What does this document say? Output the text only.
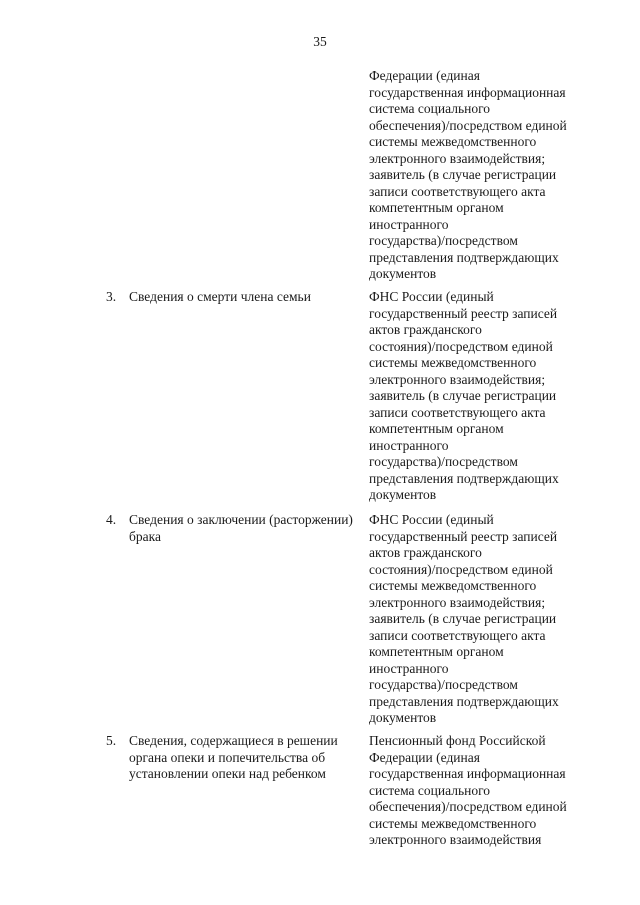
35
Федерации (единая
государственная информационная
система социального
обеспечения)/посредством единой
системы межведомственного
электронного взаимодействия;
заявитель (в случае регистрации
записи соответствующего акта
компетентным органом
иностранного
государства)/посредством
представления подтверждающих
документов
3. Сведения о смерти члена семьи	ФНС России (единый
государственный реестр записей
актов гражданского
состояния)/посредством единой
системы межведомственного
электронного взаимодействия;
заявитель (в случае регистрации
записи соответствующего акта
компетентным органом
иностранного
государства)/посредством
представления подтверждающих
документов
4. Сведения о заключении (расторжении)
брака
ФНС России (единый
государственный реестр записей
актов гражданского
состояния)/посредством единой
системы межведомственного
электронного взаимодействия;
заявитель (в случае регистрации
записи соответствующего акта
компетентным органом
иностранного
государства)/посредством
представления подтверждающих
документов
5. Сведения, содержащиеся в решении
органа опеки и попечительства об
установлении опеки над ребенком
Пенсионный фонд Российской
Федерации (единая
государственная информационная
система социального
обеспечения)/посредством единой
системы межведомственного
электронного взаимодействия
